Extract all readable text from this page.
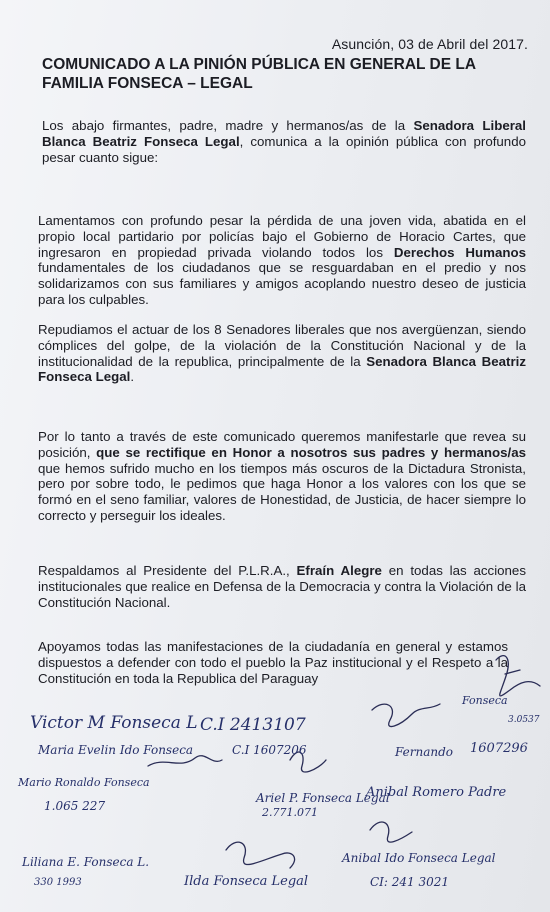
Asunción, 03 de Abril del 2017.
COMUNICADO A LA PINIÓN PÚBLICA EN GENERAL DE LA FAMILIA FONSECA – LEGAL

Los abajo firmantes, padre, madre y hermanos/as de la Senadora Liberal Blanca Beatriz Fonseca Legal, comunica a la opinión pública con profundo pesar cuanto sigue:

Lamentamos con profundo pesar la pérdida de una joven vida, abatida en el propio local partidario por policías bajo el Gobierno de Horacio Cartes, que ingresaron en propiedad privada violando todos los Derechos Humanos fundamentales de los ciudadanos que se resguardaban en el predio y nos solidarizamos con sus familiares y amigos acoplando nuestro deseo de justicia para los culpables.

Repudiamos el actuar de los 8 Senadores liberales que nos avergüenzan, siendo cómplices del golpe, de la violación de la Constitución Nacional y de la institucionalidad de la republica, principalmente de la Senadora Blanca Beatriz Fonseca Legal.

Por lo tanto a través de este comunicado queremos manifestarle que revea su posición, que se rectifique en Honor a nosotros sus padres y hermanos/as que hemos sufrido mucho en los tiempos más oscuros de la Dictadura Stronista, pero por sobre todo, le pedimos que haga Honor a los valores con los que se formó en el seno familiar, valores de Honestidad, de Justicia, de hacer siempre lo correcto y perseguir los ideales.

Respaldamos al Presidente del P.L.R.A., Efraín Alegre en todas las acciones institucionales que realice en Defensa de la Democracia y contra la Violación de la Constitución Nacional.

Apoyamos todas las manifestaciones de la ciudadanía en general y estamos dispuestos a defender con todo el pueblo la Paz institucional y el Respeto a la Constitución en toda la Republica del Paraguay

Victor M Fonseca L C.I 2413107
Maria Evelin Ido Fonseca	C.I 1607206
Fonseca
3.0537
1607296
Fernando
Mario Ronaldo Fonseca
1.065 227
Ariel P. Fonseca Legal
2.771.071
Anibal Romero Padre
Liliana E. Fonseca L.
330 1993	Ilda Fonseca Legal
Anibal Ido Fonseca Legal
CI: 241 3021
